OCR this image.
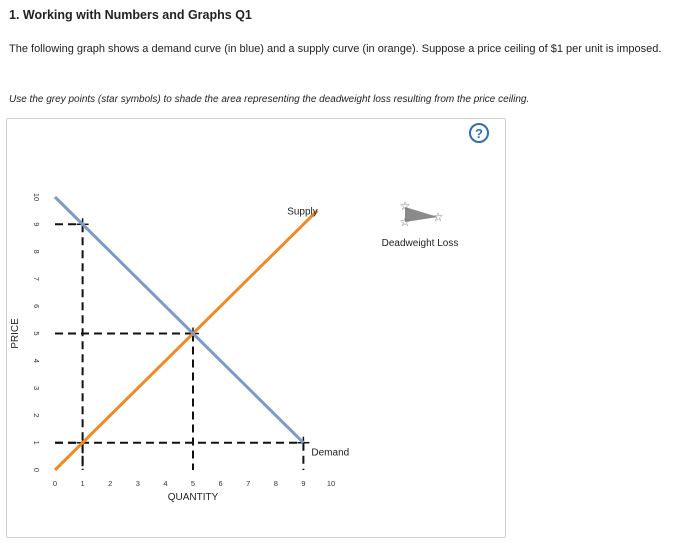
1. Working with Numbers and Graphs Q1
The following graph shows a demand curve (in blue) and a supply curve (in orange). Suppose a price ceiling of $1 per unit is imposed.
Use the grey points (star symbols) to shade the area representing the deadweight loss resulting from the price ceiling.
?
0	1	2	3	4	5	6	7	8	9	10
0
1
2
3
4
5
6
7
8
9
10
Supply
Demand
QUANTITY
PRICE
☆
☆
☆
Deadweight Loss
